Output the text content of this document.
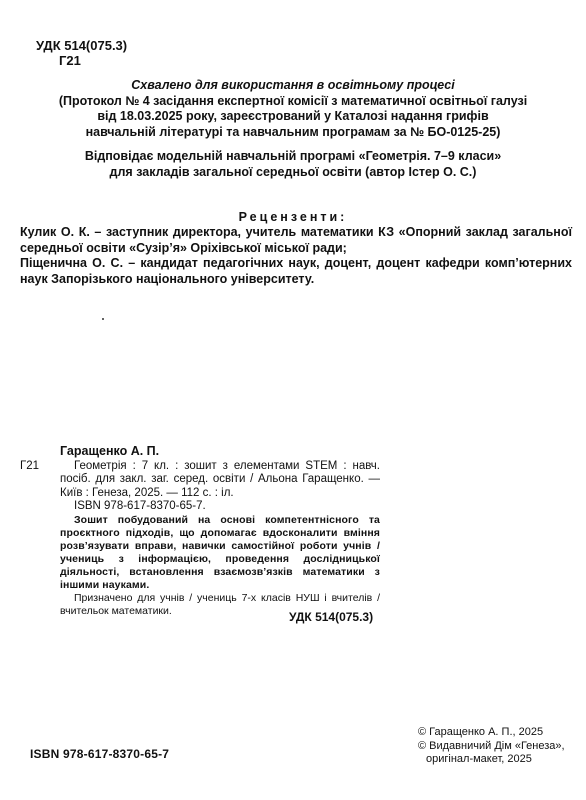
УДК 514(075.3)
Г21
Схвалено для використання в освітньому процесі
(Протокол № 4 засідання експертної комісії з математичної освітньої галузі
від 18.03.2025 року, зареєстрований у Каталозі надання грифів
навчальній літературі та навчальним програмам за № БО-0125-25)
Відповідає модельній навчальній програмі «Геометрія. 7–9 класи»
для закладів загальної середньої освіти (автор Істер О. С.)
Рецензенти:

Кулик О. К. – заступник директора, учитель математики КЗ «Опорний заклад загальної середньої освіти «Сузір’я» Оріхівської міської ради;

Піщенична О. С. – кандидат педагогічних наук, доцент, доцент кафедри комп’ютерних наук Запорізького національного університету.

Гаращенко А. П.
Г21	Геометрія : 7 кл. : зошит з елементами STEM : навч. посіб. для закл. заг. серед. освіти / Альона Гаращенко. — Київ : Генеза, 2025. — 112 с. : іл.

ISBN 978-617-8370-65-7.

Зошит побудований на основі компетентнісного та проєктного підходів, що допомагає вдосконалити вміння розв’язувати вправи, навички самостійної роботи учнів / учениць з інформацією, проведення дослідницької діяльності, встановлення взаємозв’язків математики з іншими науками.

Призначено для учнів / учениць 7-х класів НУШ і вчителів / вчительок математики.	УДК 514(075.3)
ISBN 978-617-8370-65-7
© Гаращенко А. П., 2025
© Видавничий Дім «Генеза»,
оригінал-макет, 2025
